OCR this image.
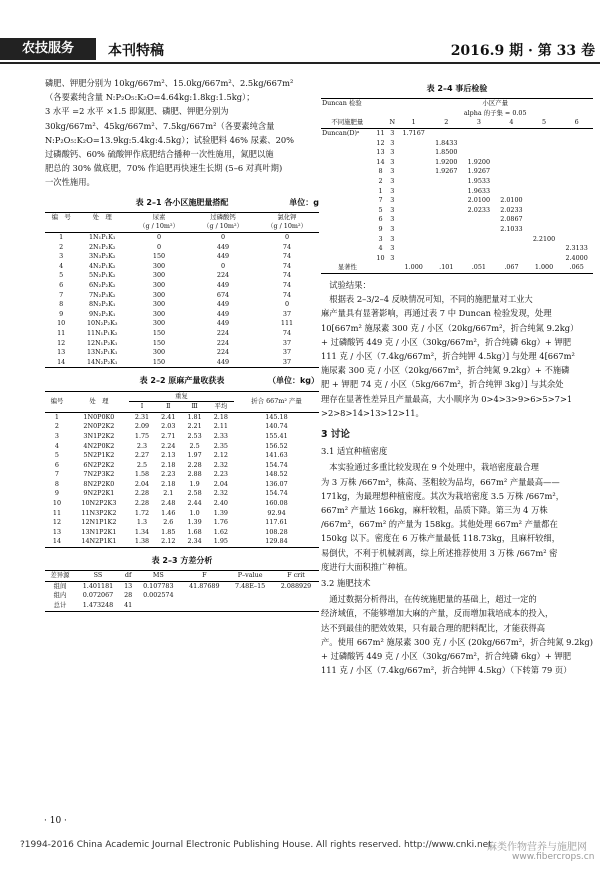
农技服务	本刊特稿	2016.9 期 · 第 33 卷
磷肥、钾肥分别为 10kg/667m²、15.0kg/667m²、2.5kg/667m²
（各要素纯含量 N:P₂O₅:K₂O=4.64kg:1.8kg:1.5kg）；
3 水平 =2 水平 ×1.5 即氮肥、磷肥、钾肥分别为
30kg/667m²、45kg/667m²、7.5kg/667m²（各要素纯含量
N:P₂O₅:K₂O=13.9kg:5.4kg:4.5kg）；试验肥料 46% 尿素、20%
过磷酸钙、60% 硫酸钾作底肥结合播种一次性施用，氮肥以施
肥总的 30% 做底肥，70% 作追肥再快速生长期 (5–6 对真叶期)
一次性施用。
表 2–1 各小区施肥量搭配	单位：g
编　号	处　理	尿素	过磷酸钙	氯化钾
		（g / 10m²）	（g / 10m²）	（g / 10m²）
1	1N₁P₁K₁	0	0	0
2	2N₁P₂K₂	0	449	74
3	3N₃P₂K₂	150	449	74
4	4N₂P₁K₂	300	0	74
5	5N₂P₁K₂	300	224	74
6	6N₂P₂K₂	300	449	74
7	7N₂P₃K₂	300	674	74
8	8N₂P₂K₁	300	449	0
9	9N₂P₂K₁	300	449	37
10	10N₂P₂K₃	300	449	111
11	11N₁P₁K₂	150	224	74
12	12N₁P₂K₁	150	224	37
13	13N₂P₁K₁	300	224	37
14	14N₂P₂K₁	150	449	37
表 2–2 原麻产量收获表	（单位：kg）
编号	处　理	重复				折合 667m² 产量
		Ⅰ	Ⅱ	Ⅲ	平均	
1	1N0P0K0	2.31	2.41	1.81	2.18	145.18
2	2N0P2K2	2.09	2.03	2.21	2.11	140.74
3	3N1P2K2	1.75	2.71	2.53	2.33	155.41
4	4N2P0K2	2.3	2.24	2.5	2.35	156.52
5	5N2P1K2	2.27	2.13	1.97	2.12	141.63
6	6N2P2K2	2.5	2.18	2.28	2.32	154.74
7	7N2P3K2	1.58	2.23	2.88	2.23	148.52
8	8N2P2K0	2.04	2.18	1.9	2.04	136.07
9	9N2P2K1	2.28	2.1	2.58	2.32	154.74
10	10N2P2K3	2.28	2.48	2.44	2.40	160.08
11	11N3P2K2	1.72	1.46	1.0	1.39	92.94
12	12N1P1K2	1.3	2.6	1.39	1.76	117.61
13	13N1P2K1	1.34	1.85	1.68	1.62	108.28
14	14N2P1K1	1.38	2.12	2.34	1.95	129.84
表 2–3 方差分析
差异源	SS	df	MS	F	P–value	F crit
组间	1.401181	13	0.107783	41.87689	7.48E–15	2.088929
组内	0.072067	28	0.002574			
总计	1.473248	41				
表 2–4 事后检验
Duncan 检验			小区产量					
			alpha 的子集 = 0.05					
不同施肥量		N	1	2	3	4	5	6
Duncan(D)ᵃ	11	3	1.7167					
	12	3		1.8433				
	13	3		1.8500				
	14	3		1.9200	1.9200			
	8	3		1.9267	1.9267			
	2	3			1.9533			
	1	3			1.9633			
	7	3			2.0100	2.0100		
	5	3			2.0233	2.0233		
	6	3				2.0867		
	9	3				2.1033		
	3	3					2.2100	
	4	3						2.3133
	10	3						2.4000
显著性			1.000	.101	.051	.067	1.000	.065
　试验结果：
　根据表 2–3/2–4 反映情况可知，不同的施肥量对工业大
麻产量具有显著影响，再通过表 7 中 Duncan 检验发现，处理
10[667m² 施尿素 300 克 / 小区（20kg/667m²，折合纯氮 9.2kg）
+ 过磷酸钙 449 克 / 小区（30kg/667m²，折合纯磷 6kg）+ 钾肥
111 克 / 小区（7.4kg/667m²，折合纯钾 4.5kg）] 与处理 4[667m²
施尿素 300 克 / 小区（20kg/667m²，折合纯氮 9.2kg）+ 不施磷
肥 + 钾肥 74 克 / 小区（5kg/667m²，折合纯钾 3kg）] 与其余处
理存在显著性差异且产量最高，大小顺序为 0>4>3>9>6>5>7>1
>2>8>14>13>12>11。
3 讨论
3.1 适宜种植密度
　本实验通过多重比较发现在 9 个处理中，栽培密度最合理
为 3 万株 /667m²，株高、茎粗较为品均，667m² 产量最高——
171kg，为最理想种植密度。其次为栽培密度 3.5 万株 /667m²，
667m² 产量达 166kg，麻杆较粗，品质下降。第三为 4 万株
/667m²，667m² 的产量为 158kg。其他处理 667m² 产量都在
150kg 以下。密度在 6 万株产量最低 118.73kg，且麻杆较细，
易倒伏，不利于机械剥离，综上所述推荐使用 3 万株 /667m² 密
度进行大面积推广种植。
3.2 施肥技术
　通过数据分析得出，在传统施肥量的基础上，超过一定的
经济域值，不能够增加大麻的产量，反而增加栽培成本的投入，
达不到最佳的肥效效果，只有最合理的肥料配比，才能获得高
产。使用 667m² 施尿素 300 克 / 小区 (20kg/667m²，折合纯氮 9.2kg)
+ 过磷酸钙 449 克 / 小区（30kg/667m²，折合纯磷 6kg）+ 钾肥
111 克 / 小区（7.4kg/667m²，折合纯钾 4.5kg）（下转第 79 页）
· 10 ·
?1994-2016 China Academic Journal Electronic Publishing House. All rights reserved. http://www.cnki.net
麻类作物营养与施肥网
www.fibercrops.cn
